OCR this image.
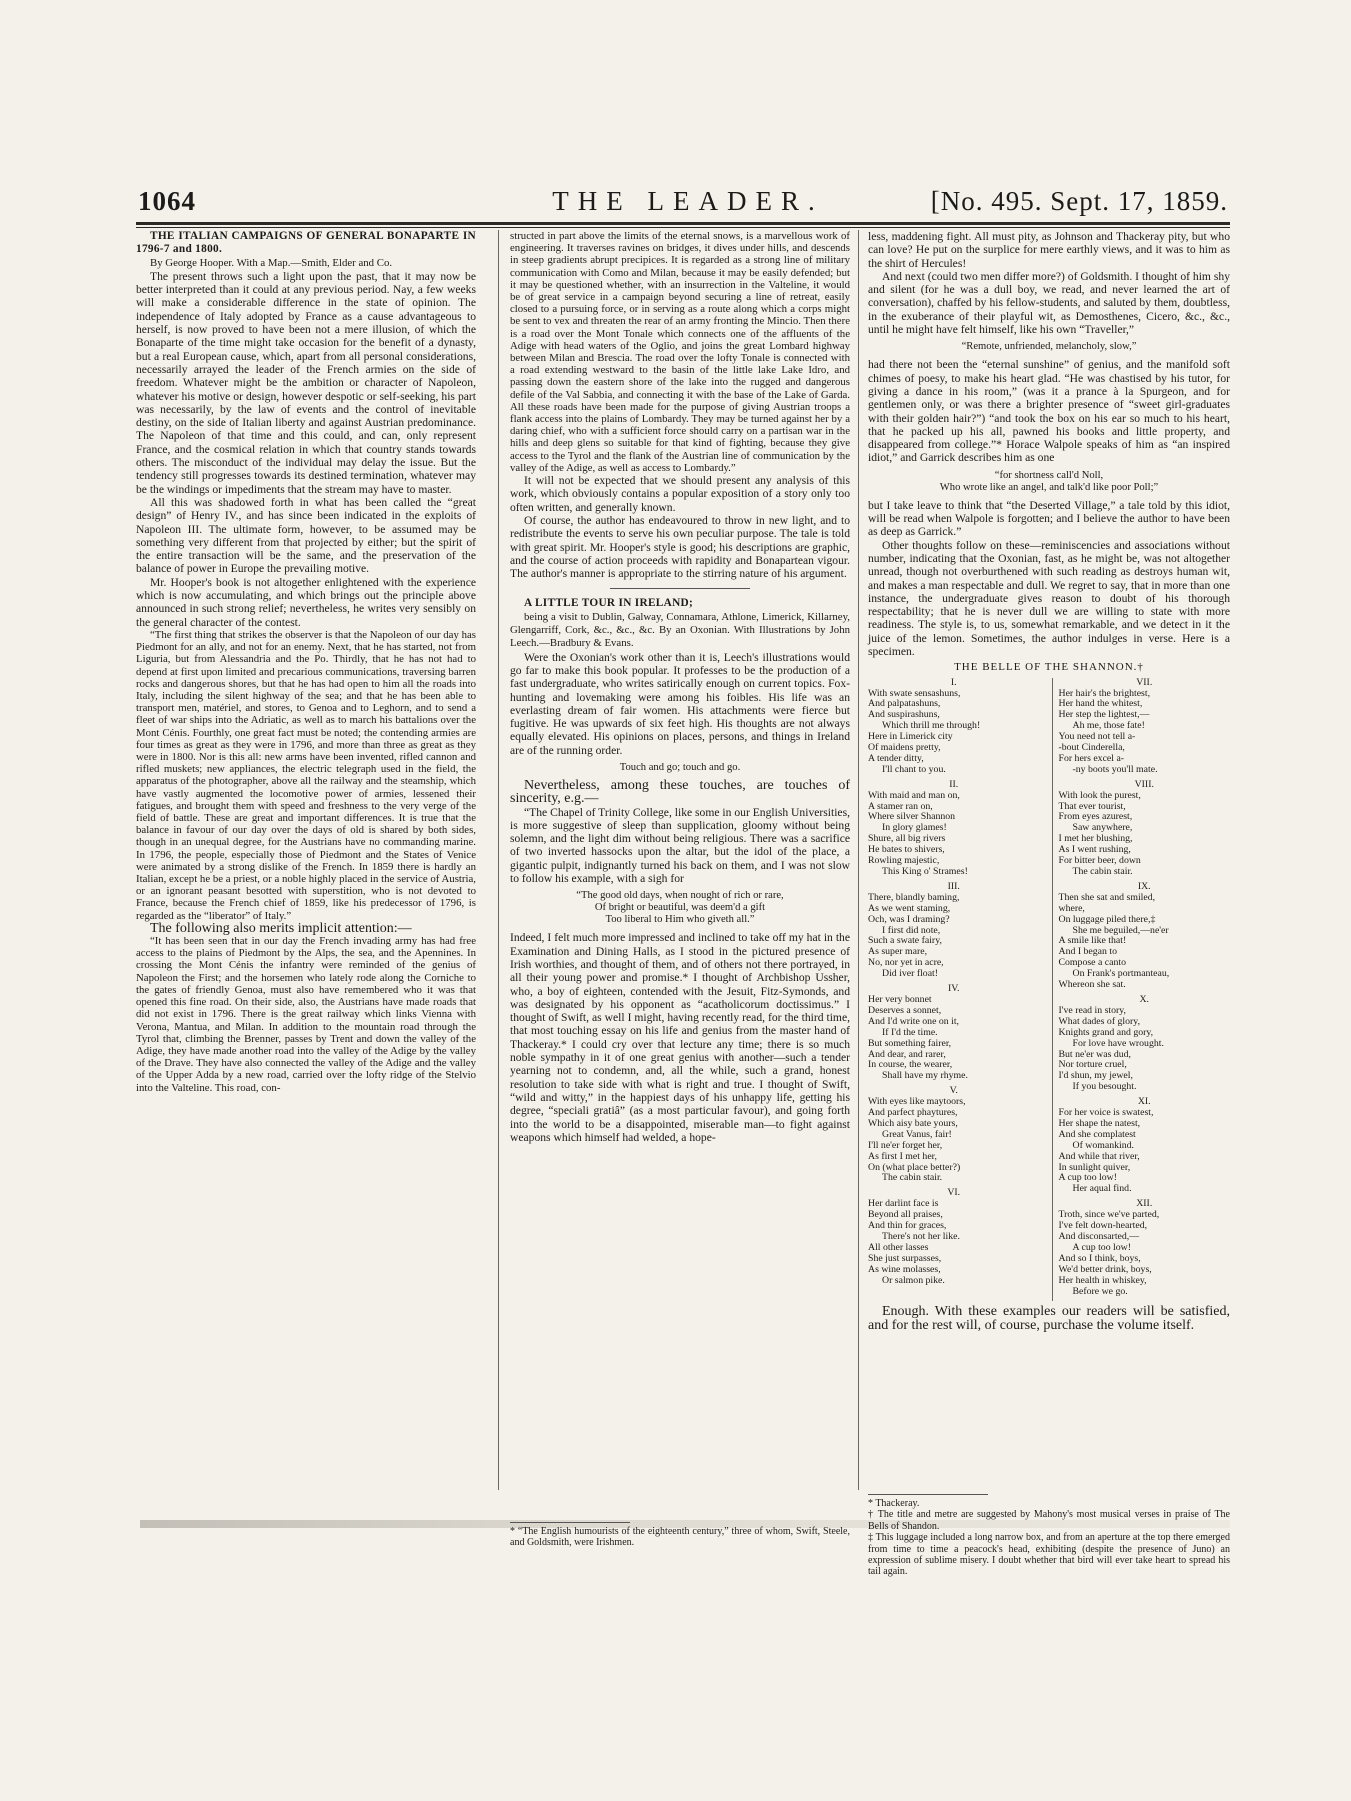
1064	THE LEADER.	[No. 495. Sept. 17, 1859.

THE ITALIAN CAMPAIGNS OF GENERAL BONAPARTE IN 1796-7 and 1800.

By George Hooper. With a Map.—Smith, Elder and Co.

The present throws such a light upon the past, that it may now be better interpreted than it could at any previous period. Nay, a few weeks will make a considerable difference in the state of opinion. The independence of Italy adopted by France as a cause advantageous to herself, is now proved to have been not a mere illusion, of which the Bonaparte of the time might take occasion for the benefit of a dynasty, but a real European cause, which, apart from all personal considerations, necessarily arrayed the leader of the French armies on the side of freedom. Whatever might be the ambition or character of Napoleon, whatever his motive or design, however despotic or self-seeking, his part was necessarily, by the law of events and the control of inevitable destiny, on the side of Italian liberty and against Austrian predominance. The Napoleon of that time and this could, and can, only represent France, and the cosmical relation in which that country stands towards others. The misconduct of the individual may delay the issue. But the tendency still progresses towards its destined termination, whatever may be the windings or impediments that the stream may have to master.

All this was shadowed forth in what has been called the “great design” of Henry IV., and has since been indicated in the exploits of Napoleon III. The ultimate form, however, to be assumed may be something very different from that projected by either; but the spirit of the entire transaction will be the same, and the preservation of the balance of power in Europe the prevailing motive.

Mr. Hooper's book is not altogether enlightened with the experience which is now accumulating, and which brings out the principle above announced in such strong relief; nevertheless, he writes very sensibly on the general character of the contest.

“The first thing that strikes the observer is that the Napoleon of our day has Piedmont for an ally, and not for an enemy. Next, that he has started, not from Liguria, but from Alessandria and the Po. Thirdly, that he has not had to depend at first upon limited and precarious communications, traversing barren rocks and dangerous shores, but that he has had open to him all the roads into Italy, including the silent highway of the sea; and that he has been able to transport men, matériel, and stores, to Genoa and to Leghorn, and to send a fleet of war ships into the Adriatic, as well as to march his battalions over the Mont Cénis. Fourthly, one great fact must be noted; the contending armies are four times as great as they were in 1796, and more than three as great as they were in 1800. Nor is this all: new arms have been invented, rifled cannon and rifled muskets; new appliances, the electric telegraph used in the field, the apparatus of the photographer, above all the railway and the steamship, which have vastly augmented the locomotive power of armies, lessened their fatigues, and brought them with speed and freshness to the very verge of the field of battle. These are great and important differences. It is true that the balance in favour of our day over the days of old is shared by both sides, though in an unequal degree, for the Austrians have no commanding marine. In 1796, the people, especially those of Piedmont and the States of Venice were animated by a strong dislike of the French. In 1859 there is hardly an Italian, except he be a priest, or a noble highly placed in the service of Austria, or an ignorant peasant besotted with superstition, who is not devoted to France, because the French chief of 1859, like his predecessor of 1796, is regarded as the “liberator” of Italy.”

The following also merits implicit attention:—

“It has been seen that in our day the French invading army has had free access to the plains of Piedmont by the Alps, the sea, and the Apennines. In crossing the Mont Cénis the infantry were reminded of the genius of Napoleon the First; and the horsemen who lately rode along the Corniche to the gates of friendly Genoa, must also have remembered who it was that opened this fine road. On their side, also, the Austrians have made roads that did not exist in 1796. There is the great railway which links Vienna with Verona, Mantua, and Milan. In addition to the mountain road through the Tyrol that, climbing the Brenner, passes by Trent and down the valley of the Adige, they have made another road into the valley of the Adige by the valley of the Drave. They have also connected the valley of the Adige and the valley of the Upper Adda by a new road, carried over the lofty ridge of the Stelvio into the Valteline. This road, con-

structed in part above the limits of the eternal snows, is a marvellous work of engineering. It traverses ravines on bridges, it dives under hills, and descends in steep gradients abrupt precipices. It is regarded as a strong line of military communication with Como and Milan, because it may be easily defended; but it may be questioned whether, with an insurrection in the Valteline, it would be of great service in a campaign beyond securing a line of retreat, easily closed to a pursuing force, or in serving as a route along which a corps might be sent to vex and threaten the rear of an army fronting the Mincio. Then there is a road over the Mont Tonale which connects one of the affluents of the Adige with head waters of the Oglio, and joins the great Lombard highway between Milan and Brescia. The road over the lofty Tonale is connected with a road extending westward to the basin of the little lake Lake Idro, and passing down the eastern shore of the lake into the rugged and dangerous defile of the Val Sabbia, and connecting it with the base of the Lake of Garda. All these roads have been made for the purpose of giving Austrian troops a flank access into the plains of Lombardy. They may be turned against her by a daring chief, who with a sufficient force should carry on a partisan war in the hills and deep glens so suitable for that kind of fighting, because they give access to the Tyrol and the flank of the Austrian line of communication by the valley of the Adige, as well as access to Lombardy.”

It will not be expected that we should present any analysis of this work, which obviously contains a popular exposition of a story only too often written, and generally known.

Of course, the author has endeavoured to throw in new light, and to redistribute the events to serve his own peculiar purpose. The tale is told with great spirit. Mr. Hooper's style is good; his descriptions are graphic, and the course of action proceeds with rapidity and Bonapartean vigour. The author's manner is appropriate to the stirring nature of his argument.

A LITTLE TOUR IN IRELAND;

being a visit to Dublin, Galway, Connamara, Athlone, Limerick, Killarney, Glengarriff, Cork, &c., &c., &c. By an Oxonian. With Illustrations by John Leech.—Bradbury & Evans.

Were the Oxonian's work other than it is, Leech's illustrations would go far to make this book popular. It professes to be the production of a fast undergraduate, who writes satirically enough on current topics. Fox-hunting and lovemaking were among his foibles. His life was an everlasting dream of fair women. His attachments were fierce but fugitive. He was upwards of six feet high. His thoughts are not always equally elevated. His opinions on places, persons, and things in Ireland are of the running order.

Touch and go; touch and go.

Nevertheless, among these touches, are touches of sincerity, e.g.—

“The Chapel of Trinity College, like some in our English Universities, is more suggestive of sleep than supplication, gloomy without being solemn, and the light dim without being religious. There was a sacrifice of two inverted hassocks upon the altar, but the idol of the place, a gigantic pulpit, indignantly turned his back on them, and I was not slow to follow his example, with a sigh for

“The good old days, when nought of rich or rare,
Of bright or beautiful, was deem'd a gift
Too liberal to Him who giveth all.”

Indeed, I felt much more impressed and inclined to take off my hat in the Examination and Dining Halls, as I stood in the pictured presence of Irish worthies, and thought of them, and of others not there portrayed, in all their young power and promise.* I thought of Archbishop Ussher, who, a boy of eighteen, contended with the Jesuit, Fitz-Symonds, and was designated by his opponent as “acatholicorum doctissimus.” I thought of Swift, as well I might, having recently read, for the third time, that most touching essay on his life and genius from the master hand of Thackeray.* I could cry over that lecture any time; there is so much noble sympathy in it of one great genius with another—such a tender yearning not to condemn, and, all the while, such a grand, honest resolution to take side with what is right and true. I thought of Swift, “wild and witty,” in the happiest days of his unhappy life, getting his degree, “speciali gratiâ” (as a most particular favour), and going forth into the world to be a disappointed, miserable man—to fight against weapons which himself had welded, a hope-

less, maddening fight. All must pity, as Johnson and Thackeray pity, but who can love? He put on the surplice for mere earthly views, and it was to him as the shirt of Hercules!

And next (could two men differ more?) of Goldsmith. I thought of him shy and silent (for he was a dull boy, we read, and never learned the art of conversation), chaffed by his fellow-students, and saluted by them, doubtless, in the exuberance of their playful wit, as Demosthenes, Cicero, &c., &c., until he might have felt himself, like his own “Traveller,”

“Remote, unfriended, melancholy, slow,”

had there not been the “eternal sunshine” of genius, and the manifold soft chimes of poesy, to make his heart glad. “He was chastised by his tutor, for giving a dance in his room,” (was it a prance à la Spurgeon, and for gentlemen only, or was there a brighter presence of “sweet girl-graduates with their golden hair?”) “and took the box on his ear so much to his heart, that he packed up his all, pawned his books and little property, and disappeared from college.”* Horace Walpole speaks of him as “an inspired idiot,” and Garrick describes him as one

“for shortness call'd Noll,
Who wrote like an angel, and talk'd like poor Poll;”

but I take leave to think that “the Deserted Village,” a tale told by this idiot, will be read when Walpole is forgotten; and I believe the author to have been as deep as Garrick.”

Other thoughts follow on these—reminiscencies and associations without number, indicating that the Oxonian, fast, as he might be, was not altogether unread, though not overburthened with such reading as destroys human wit, and makes a man respectable and dull. We regret to say, that in more than one instance, the undergraduate gives reason to doubt of his thorough respectability; that he is never dull we are willing to state with more readiness. The style is, to us, somewhat remarkable, and we detect in it the juice of the lemon. Sometimes, the author indulges in verse. Here is a specimen.

THE BELLE OF THE SHANNON.†
I.
With swate sensashuns,
And palpatashuns,
And suspirashuns,
Which thrill me through!
Here in Limerick city
Of maidens pretty,
A tender ditty,
I'll chant to you.
II.
With maid and man on,
A stamer ran on,
Where silver Shannon
In glory glames!
Shure, all big rivers
He bates to shivers,
Rowling majestic,
This King o' Strames!
III.
There, blandly baming,
As we went staming,
Och, was I draming?
I first did note,
Such a swate fairy,
As super mare,
No, nor yet in acre,
Did iver float!
IV.
Her very bonnet
Deserves a sonnet,
And I'd write one on it,
If I'd the time.
But something fairer,
And dear, and rarer,
In course, the wearer,
Shall have my rhyme.
V.
With eyes like maytoors,
And parfect phaytures,
Which aisy bate yours,
Great Vanus, fair!
I'll ne'er forget her,
As first I met her,
On (what place better?)
The cabin stair.
VI.
Her darlint face is
Beyond all praises,
And thin for graces,
There's not her like.
All other lasses
She just surpasses,
As wine molasses,
Or salmon pike.
VII.
Her hair's the brightest,
Her hand the whitest,
Her step the lightest,—
Ah me, those fate!
You need not tell a-
-bout Cinderella,
For hers excel a-
-ny boots you'll mate.
VIII.
With look the purest,
That ever tourist,
From eyes azurest,
Saw anywhere,
I met her blushing,
As I went rushing,
For bitter beer, down
The cabin stair.
IX.
Then she sat and smiled,
where,
On luggage piled there,‡
She me beguiled,—ne'er
A smile like that!
And I began to
Compose a canto
On Frank's portmanteau,
Whereon she sat.
X.
I've read in story,
What dades of glory,
Knights grand and gory,
For love have wrought.
But ne'er was dud,
Nor torture cruel,
I'd shun, my jewel,
If you besought.
XI.
For her voice is swatest,
Her shape the natest,
And she complatest
Of womankind.
And while that river,
In sunlight quiver,
A cup too low!
Her aqual find.
XII.
Troth, since we've parted,
I've felt down-hearted,
And disconsarted,—
A cup too low!
And so I think, boys,
We'd better drink, boys,
Her health in whiskey,
Before we go.

Enough. With these examples our readers will be satisfied, and for the rest will, of course, purchase the volume itself.

* “The English humourists of the eighteenth century,” three of whom, Swift, Steele, and Goldsmith, were Irishmen.

* Thackeray.

† The title and metre are suggested by Mahony's most musical verses in praise of The Bells of Shandon.

‡ This luggage included a long narrow box, and from an aperture at the top there emerged from time to time a peacock's head, exhibiting (despite the presence of Juno) an expression of sublime misery. I doubt whether that bird will ever take heart to spread his tail again.
